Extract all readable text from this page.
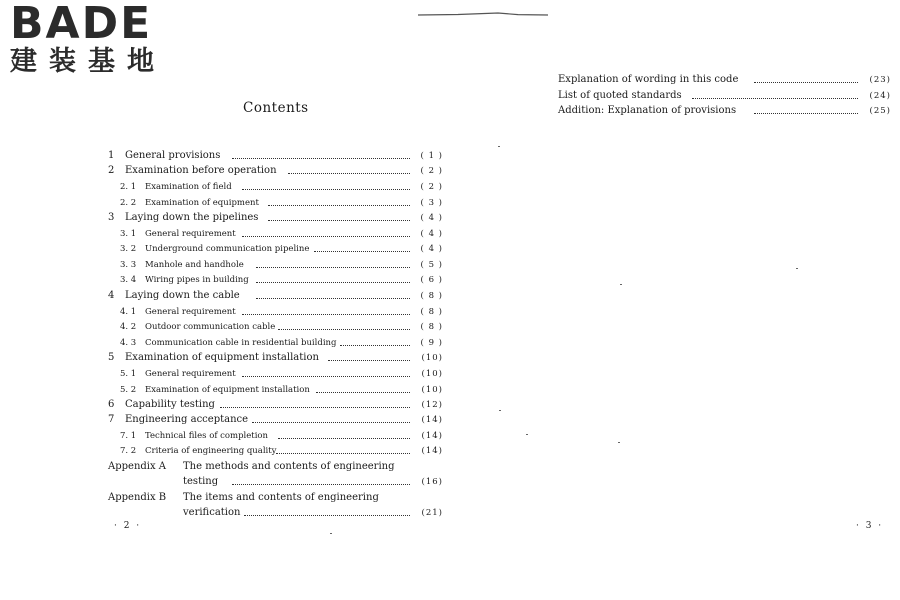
BADE
建装基地
Contents
1 General provisions	( 1 )
2 Examination before operation	( 2 )
2. 1 Examination of field	( 2 )
2. 2 Examination of equipment	( 3 )
3 Laying down the pipelines	( 4 )
3. 1 General requirement	( 4 )
3. 2 Underground communication pipeline	( 4 )
3. 3 Manhole and handhole	( 5 )
3. 4 Wiring pipes in building	( 6 )
4 Laying down the cable	( 8 )
4. 1 General requirement	( 8 )
4. 2 Outdoor communication cable	( 8 )
4. 3 Communication cable in residential building	( 9 )
5 Examination of equipment installation	(10)
5. 1 General requirement	(10)
5. 2 Examination of equipment installation	(10)
6 Capability testing	(12)
7 Engineering acceptance	(14)
7. 1 Technical files of completion	(14)
7. 2 Criteria of engineering quality	(14)
Appendix A The methods and contents of engineering
testing	(16)
Appendix B The items and contents of engineering
verification	(21)
Explanation of wording in this code	(23)
List of quoted standards	(24)
Addition: Explanation of provisions	(25)
· 2 ·	· 3 ·
